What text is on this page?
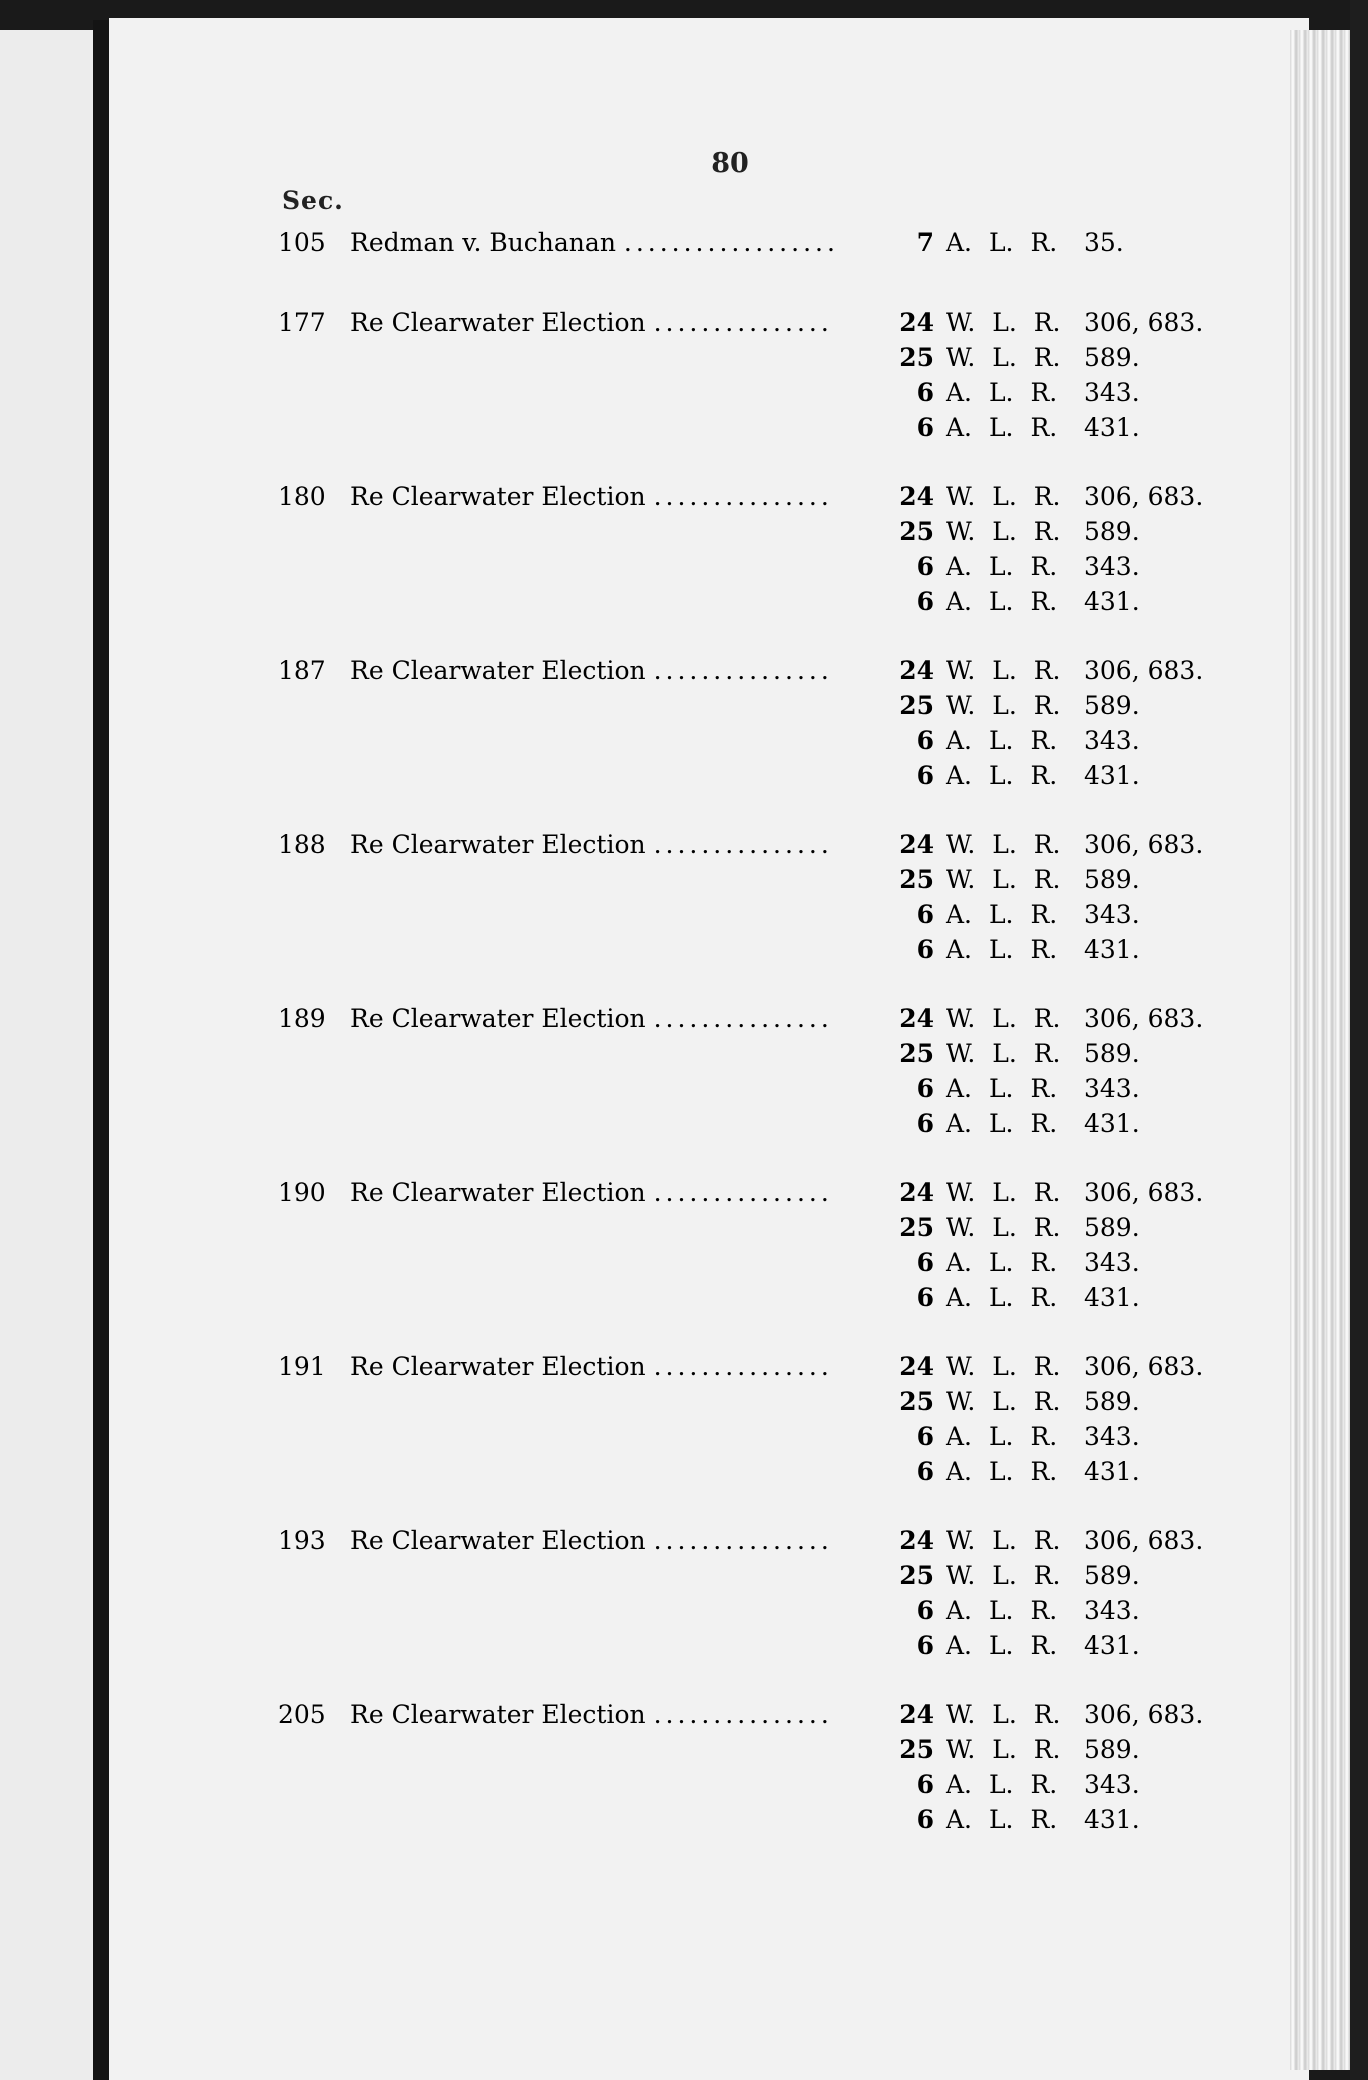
80
Sec.
105 Redman v. Buchanan ..................	7 A. L. R. 35.
177 Re Clearwater Election ...............	24 W. L. R. 306, 683.
25 W. L. R. 589.
6 A. L. R. 343.
6 A. L. R. 431.
180 Re Clearwater Election ...............	24 W. L. R. 306, 683.
25 W. L. R. 589.
6 A. L. R. 343.
6 A. L. R. 431.
187 Re Clearwater Election ...............	24 W. L. R. 306, 683.
25 W. L. R. 589.
6 A. L. R. 343.
6 A. L. R. 431.
188 Re Clearwater Election ...............	24 W. L. R. 306, 683.
25 W. L. R. 589.
6 A. L. R. 343.
6 A. L. R. 431.
189 Re Clearwater Election ...............	24 W. L. R. 306, 683.
25 W. L. R. 589.
6 A. L. R. 343.
6 A. L. R. 431.
190 Re Clearwater Election ...............	24 W. L. R. 306, 683.
25 W. L. R. 589.
6 A. L. R. 343.
6 A. L. R. 431.
191 Re Clearwater Election ...............	24 W. L. R. 306, 683.
25 W. L. R. 589.
6 A. L. R. 343.
6 A. L. R. 431.
193 Re Clearwater Election ...............	24 W. L. R. 306, 683.
25 W. L. R. 589.
6 A. L. R. 343.
6 A. L. R. 431.
205 Re Clearwater Election ...............	24 W. L. R. 306, 683.
25 W. L. R. 589.
6 A. L. R. 343.
6 A. L. R. 431.
